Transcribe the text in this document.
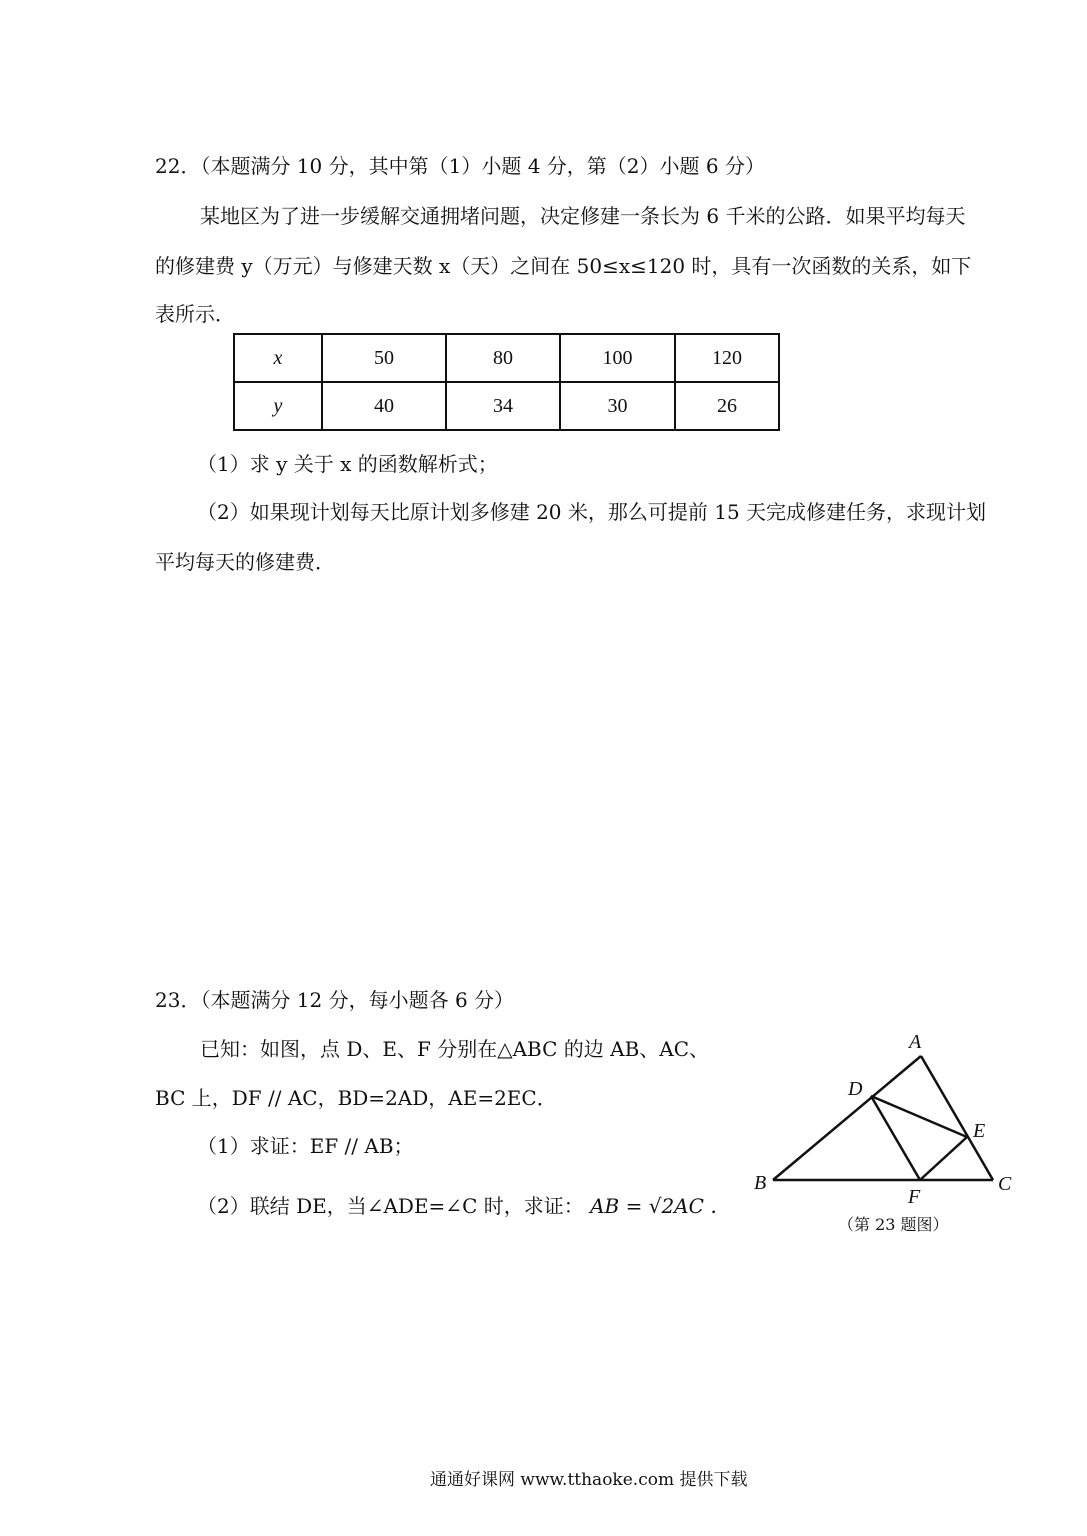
22．（本题满分 10 分，其中第（1）小题 4 分，第（2）小题 6 分）
某地区为了进一步缓解交通拥堵问题，决定修建一条长为 6 千米的公路．如果平均每天
的修建费 y（万元）与修建天数 x（天）之间在 50≤x≤120 时，具有一次函数的关系，如下
表所示．
x	50	80	100	120
y	40	34	30	26
（1）求 y 关于 x 的函数解析式；
（2）如果现计划每天比原计划多修建 20 米，那么可提前 15 天完成修建任务，求现计划
平均每天的修建费．
23．（本题满分 12 分，每小题各 6 分）
已知：如图，点 D、E、F 分别在△ABC 的边 AB、AC、
BC 上，DF // AC，BD=2AD，AE=2EC．
（1）求证：EF // AB；
（2）联结 DE，当∠ADE=∠C 时，求证： AB = √2AC ．
A
D
E
B	C
F
（第 23 题图）
通通好课网 www.tthaoke.com 提供下载
